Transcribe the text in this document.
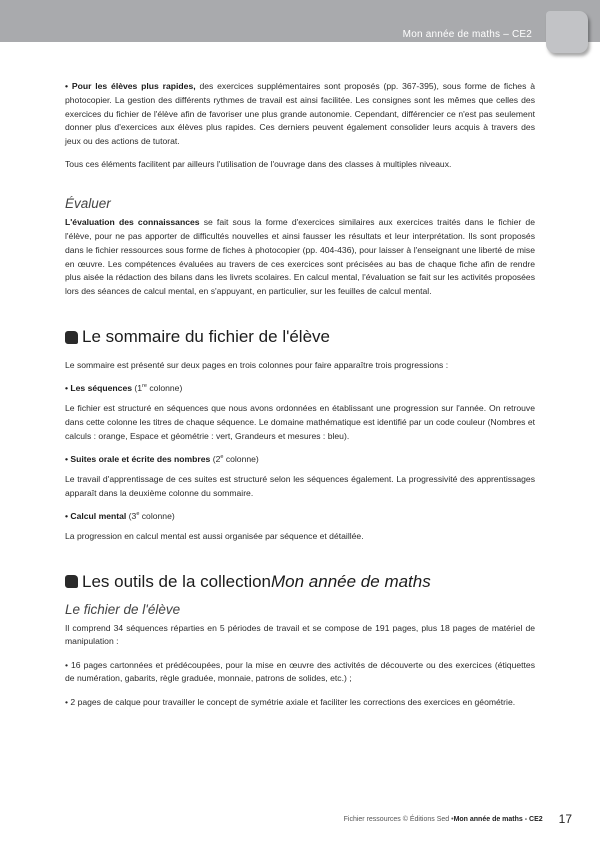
Mon année de maths – CE2

• Pour les élèves plus rapides, des exercices supplémentaires sont proposés (pp. 367-395), sous forme de fiches à photocopier. La gestion des différents rythmes de travail est ainsi facilitée. Les consignes sont les mêmes que celles des exercices du fichier de l'élève afin de favoriser une plus grande autonomie. Cependant, différencier ce n'est pas seulement donner plus d'exercices aux élèves plus rapides. Ces derniers peuvent également consolider leurs acquis à travers des jeux ou des actions de tutorat.

Tous ces éléments facilitent par ailleurs l'utilisation de l'ouvrage dans des classes à multiples niveaux.

Évaluer

L'évaluation des connaissances se fait sous la forme d'exercices similaires aux exercices traités dans le fichier de l'élève, pour ne pas apporter de difficultés nouvelles et ainsi fausser les résultats et leur interprétation. Ils sont proposés dans le fichier ressources sous forme de fiches à photocopier (pp. 404-436), pour laisser à l'enseignant une liberté de mise en œuvre. Les compétences évaluées au travers de ces exercices sont précisées au bas de chaque fiche afin de rendre plus aisée la rédaction des bilans dans les livrets scolaires. En calcul mental, l'évaluation se fait sur les activités proposées lors des séances de calcul mental, en s'appuyant, en particulier, sur les feuilles de calcul mental.

Le sommaire du fichier de l'élève

Le sommaire est présenté sur deux pages en trois colonnes pour faire apparaître trois progressions :

• Les séquences (1re colonne)

Le fichier est structuré en séquences que nous avons ordonnées en établissant une progression sur l'année. On retrouve dans cette colonne les titres de chaque séquence. Le domaine mathématique est identifié par un code couleur (Nombres et calculs : orange, Espace et géométrie : vert, Grandeurs et mesures : bleu).

• Suites orale et écrite des nombres (2e colonne)

Le travail d'apprentissage de ces suites est structuré selon les séquences également. La progressivité des apprentissages apparaît dans la deuxième colonne du sommaire.

• Calcul mental (3e colonne)

La progression en calcul mental est aussi organisée par séquence et détaillée.

Les outils de la collection Mon année de maths
Le fichier de l'élève

Il comprend 34 séquences réparties en 5 périodes de travail et se compose de 191 pages, plus 18 pages de matériel de manipulation :

• 16 pages cartonnées et prédécoupées, pour la mise en œuvre des activités de découverte ou des exercices (étiquettes de numération, gabarits, règle graduée, monnaie, patrons de solides, etc.) ;

• 2 pages de calque pour travailler le concept de symétrie axiale et faciliter les corrections des exercices en géométrie.

Fichier ressources © Éditions Sed • Mon année de maths - CE2 17
